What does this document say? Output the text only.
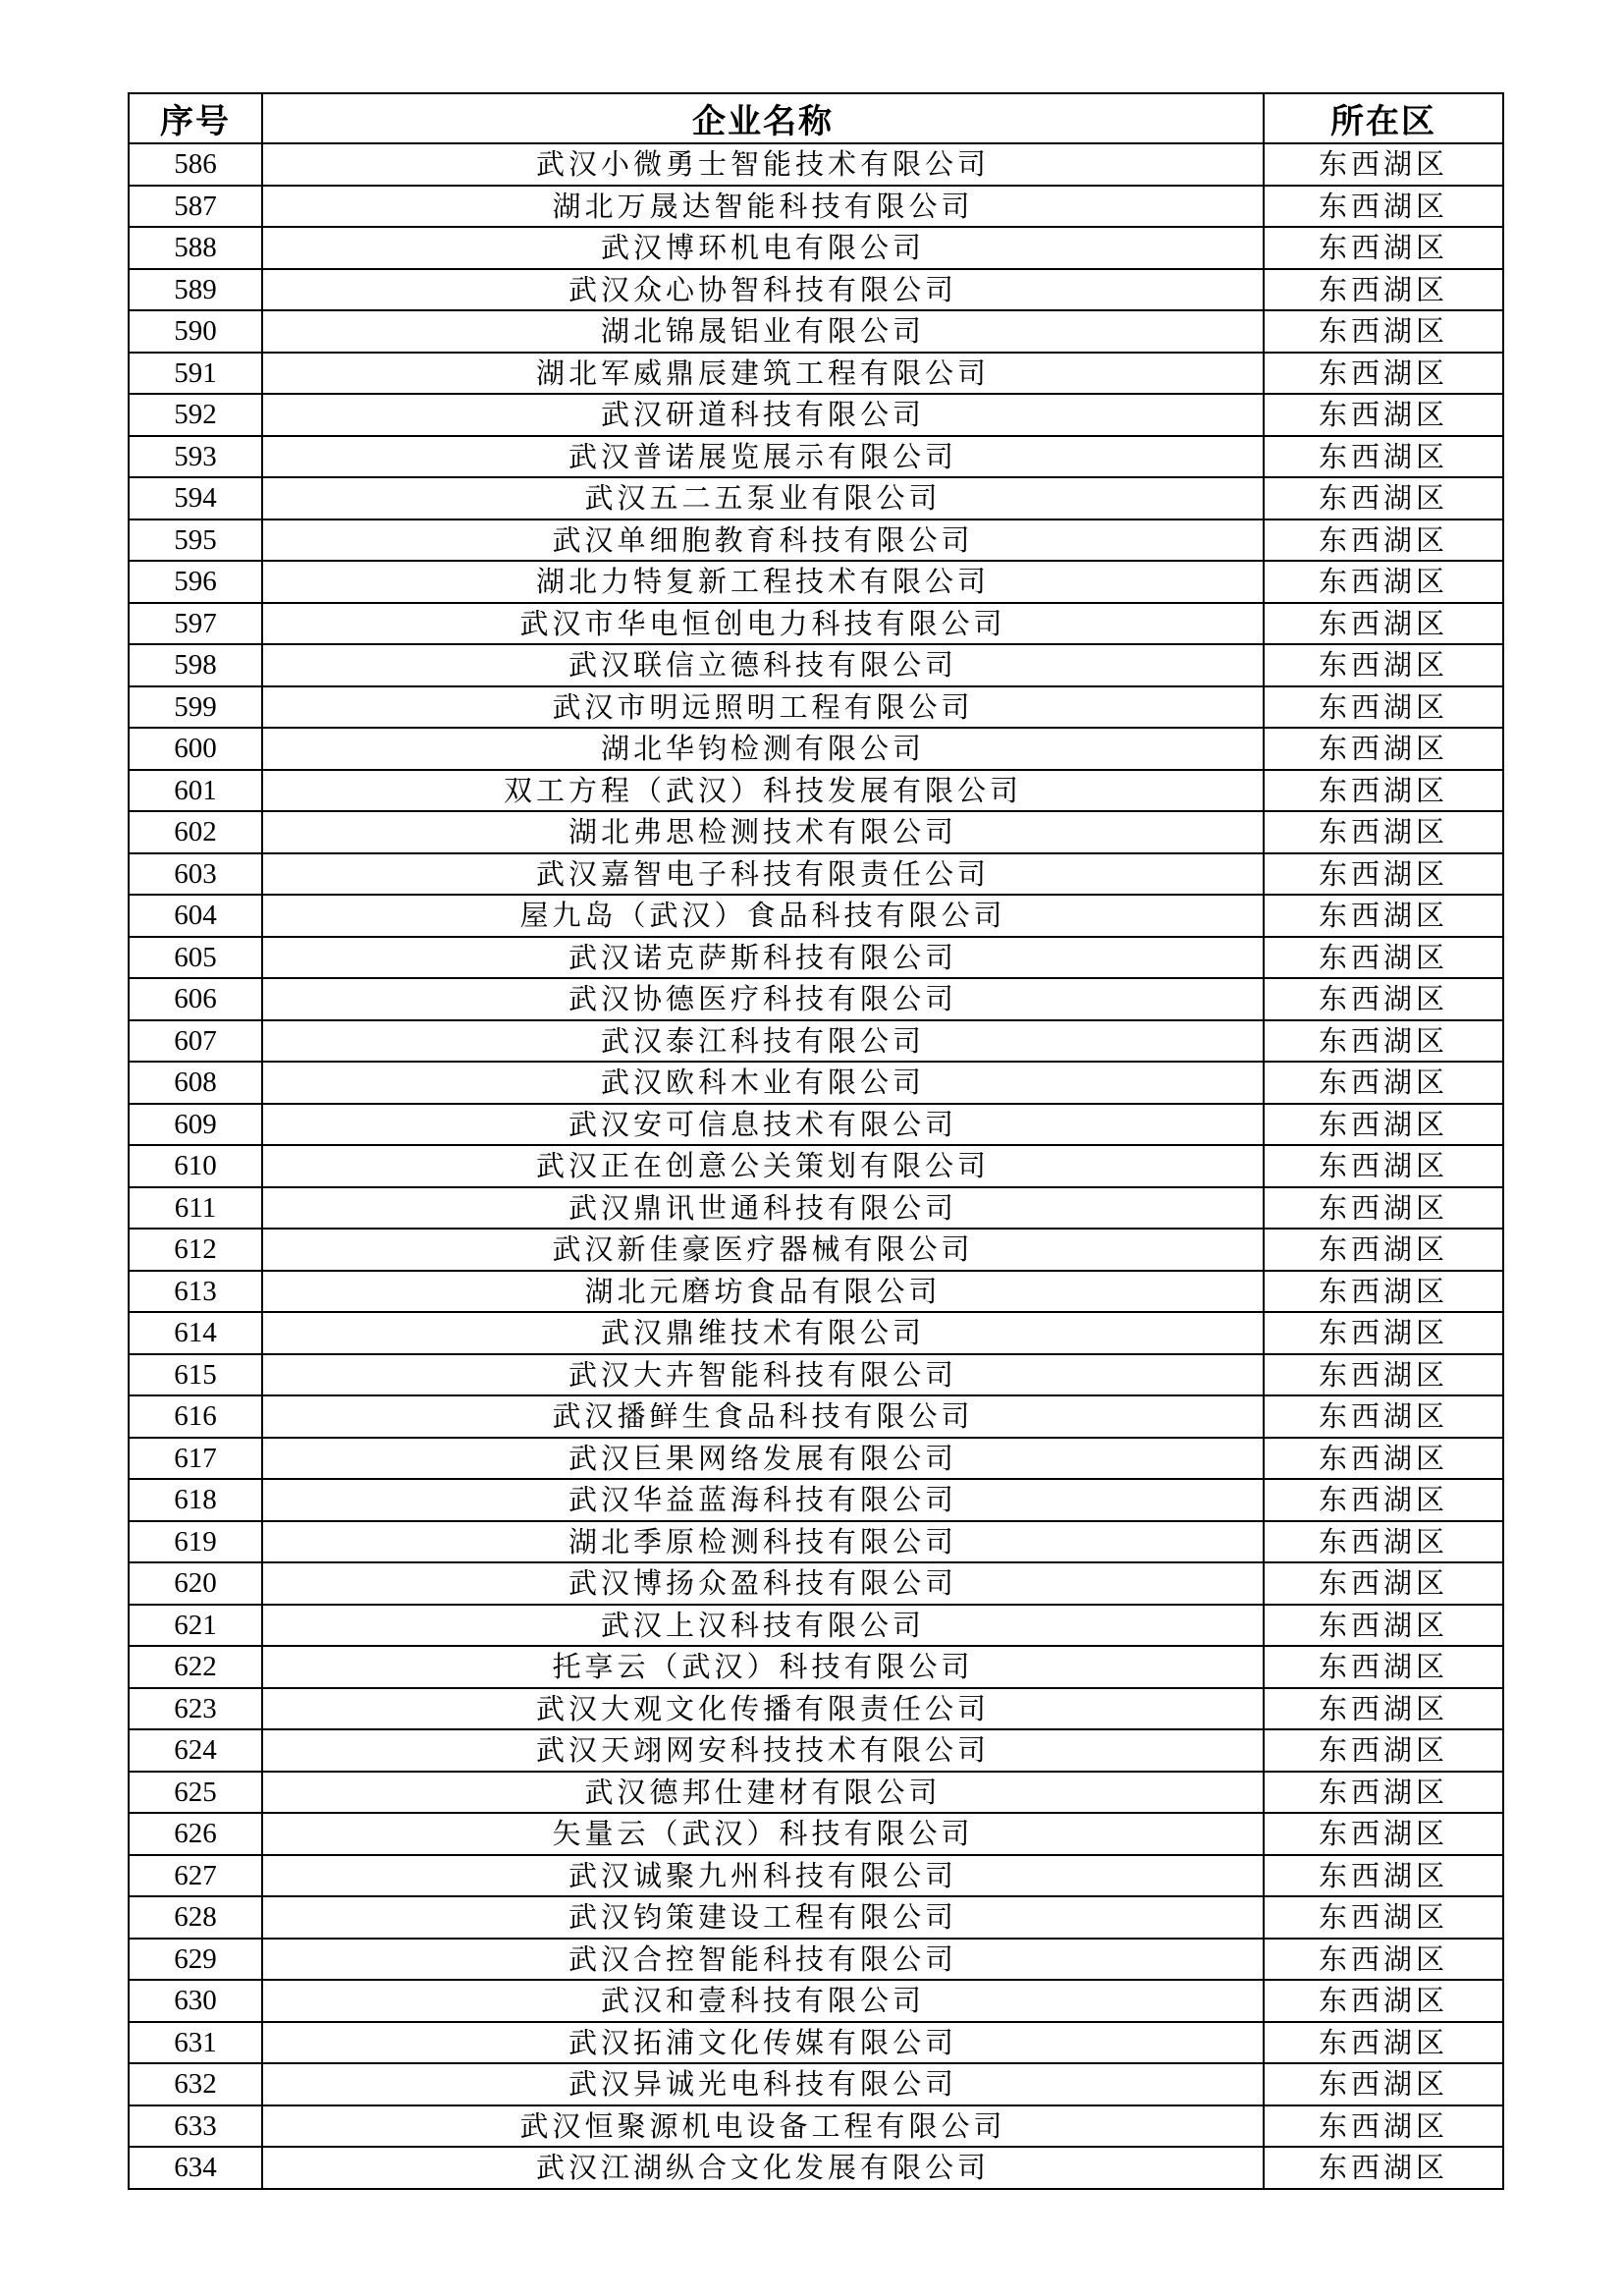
序号	企业名称	所在区
586	武汉小微勇士智能技术有限公司	东西湖区
587	湖北万晟达智能科技有限公司	东西湖区
588	武汉博环机电有限公司	东西湖区
589	武汉众心协智科技有限公司	东西湖区
590	湖北锦晟铝业有限公司	东西湖区
591	湖北军威鼎辰建筑工程有限公司	东西湖区
592	武汉研道科技有限公司	东西湖区
593	武汉普诺展览展示有限公司	东西湖区
594	武汉五二五泵业有限公司	东西湖区
595	武汉单细胞教育科技有限公司	东西湖区
596	湖北力特复新工程技术有限公司	东西湖区
597	武汉市华电恒创电力科技有限公司	东西湖区
598	武汉联信立德科技有限公司	东西湖区
599	武汉市明远照明工程有限公司	东西湖区
600	湖北华钧检测有限公司	东西湖区
601	双工方程（武汉）科技发展有限公司	东西湖区
602	湖北弗思检测技术有限公司	东西湖区
603	武汉嘉智电子科技有限责任公司	东西湖区
604	屋九岛（武汉）食品科技有限公司	东西湖区
605	武汉诺克萨斯科技有限公司	东西湖区
606	武汉协德医疗科技有限公司	东西湖区
607	武汉泰江科技有限公司	东西湖区
608	武汉欧科木业有限公司	东西湖区
609	武汉安可信息技术有限公司	东西湖区
610	武汉正在创意公关策划有限公司	东西湖区
611	武汉鼎讯世通科技有限公司	东西湖区
612	武汉新佳豪医疗器械有限公司	东西湖区
613	湖北元磨坊食品有限公司	东西湖区
614	武汉鼎维技术有限公司	东西湖区
615	武汉大卉智能科技有限公司	东西湖区
616	武汉播鲜生食品科技有限公司	东西湖区
617	武汉巨果网络发展有限公司	东西湖区
618	武汉华益蓝海科技有限公司	东西湖区
619	湖北季原检测科技有限公司	东西湖区
620	武汉博扬众盈科技有限公司	东西湖区
621	武汉上汉科技有限公司	东西湖区
622	托享云（武汉）科技有限公司	东西湖区
623	武汉大观文化传播有限责任公司	东西湖区
624	武汉天翊网安科技技术有限公司	东西湖区
625	武汉德邦仕建材有限公司	东西湖区
626	矢量云（武汉）科技有限公司	东西湖区
627	武汉诚聚九州科技有限公司	东西湖区
628	武汉钧策建设工程有限公司	东西湖区
629	武汉合控智能科技有限公司	东西湖区
630	武汉和壹科技有限公司	东西湖区
631	武汉拓浦文化传媒有限公司	东西湖区
632	武汉异诚光电科技有限公司	东西湖区
633	武汉恒聚源机电设备工程有限公司	东西湖区
634	武汉江湖纵合文化发展有限公司	东西湖区
